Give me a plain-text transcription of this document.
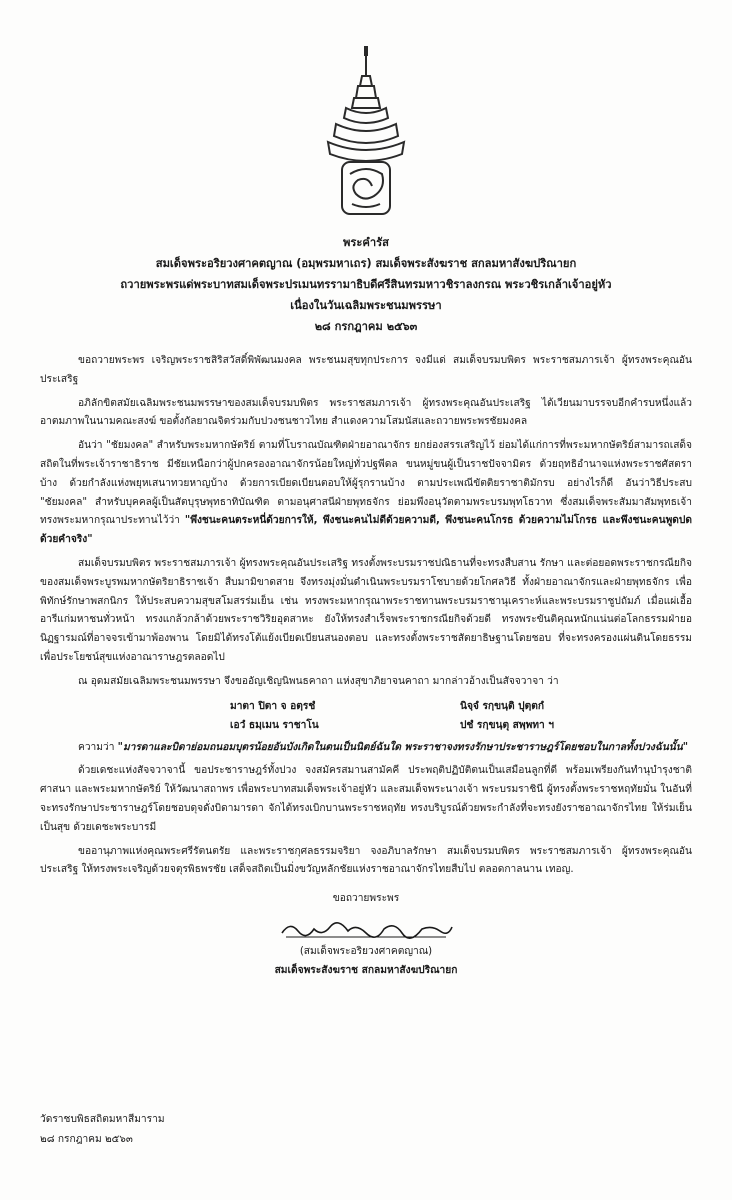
พระคำรัส
สมเด็จพระอริยวงศาคตญาณ (อมฺพรมหาเถร) สมเด็จพระสังฆราช สกลมหาสังฆปริณายก
ถวายพระพรแด่พระบาทสมเด็จพระปรเมนทรรามาธิบดีศรีสินทรมหาวชิราลงกรณ พระวชิรเกล้าเจ้าอยู่หัว
เนื่องในวันเฉลิมพระชนมพรรษา
๒๘ กรกฎาคม ๒๕๖๓

ขอถวายพระพร เจริญพระราชสิริสวัสดิ์พิพัฒนมงคล พระชนมสุขทุกประการ จงมีแด่ สมเด็จบรมบพิตร พระราชสมภารเจ้า ผู้ทรงพระคุณอันประเสริฐ

อภิลักขิตสมัยเฉลิมพระชนมพรรษาของสมเด็จบรมบพิตร พระราชสมภารเจ้า ผู้ทรงพระคุณอันประเสริฐ ได้เวียนมาบรรจบอีกคำรบหนึ่งแล้ว อาตมภาพในนามคณะสงฆ์ ขอตั้งกัลยาณจิตร่วมกับปวงชนชาวไทย สำแดงความโสมนัสและถวายพระพรชัยมงคล

อันว่า "ชัยมงคล" สำหรับพระมหากษัตริย์ ตามที่โบราณบัณฑิตฝ่ายอาณาจักร ยกย่องสรรเสริญไว้ ย่อมได้แก่การที่พระมหากษัตริย์สามารถเสด็จสถิตในที่พระเจ้าราชาธิราช มีชัยเหนือกว่าผู้ปกครองอาณาจักรน้อยใหญ่ทั่วปฐพีดล ขนหมู่ขนผู้เป็นราชปัจจามิตร ด้วยฤทธิอำนาจแห่งพระราชศัสตราบ้าง ด้วยกำลังแห่งพยุหเสนาทวยหาญบ้าง ด้วยการเบียดเบียนตอบให้ผู้รุกรานบ้าง ตามประเพณีขัตติยราชาติมักรบ อย่างไรก็ดี อันว่าวิธีประสบ "ชัยมงคล" สำหรับบุคคลผู้เป็นสัตบุรุษพุทธาทิบัณฑิต ตามอนุศาสนีฝ่ายพุทธจักร ย่อมพึงอนุวัตตามพระบรมพุทโธวาท ซึ่งสมเด็จพระสัมมาสัมพุทธเจ้า ทรงพระมหากรุณาประทานไว้ว่า "พึงชนะคนตระหนี่ด้วยการให้, พึงชนะคนไม่ดีด้วยความดี, พึงชนะคนโกรธ ด้วยความไม่โกรธ และพึงชนะคนพูดปด ด้วยคำจริง"

สมเด็จบรมบพิตร พระราชสมภารเจ้า ผู้ทรงพระคุณอันประเสริฐ ทรงตั้งพระบรมราชปณิธานที่จะทรงสืบสาน รักษา และต่อยอดพระราชกรณียกิจของสมเด็จพระบูรพมหากษัตริยาธิราชเจ้า สืบมามิขาดสาย จึงทรงมุ่งมั่นดำเนินพระบรมราโชบายด้วยโกศลวิธี ทั้งฝ่ายอาณาจักรและฝ่ายพุทธจักร เพื่อพิทักษ์รักษาพสกนิกร ให้ประสบความสุขสโมสรร่มเย็น เช่น ทรงพระมหากรุณาพระราชทานพระบรมราชานุเคราะห์และพระบรมราชูปถัมภ์ เมื่อแผ่เอื้ออารีแก่มหาชนทั่วหน้า ทรงแกล้วกล้าด้วยพระราชวิริยอุตสาหะ ยังให้ทรงสำเร็จพระราชกรณียกิจด้วยดี ทรงพระขันติคุณหนักแน่นต่อโลกธรรมฝ่ายอนิฏฐารมณ์ที่อาจจรเข้ามาพ้องพาน โดยมิได้ทรงโต้แย้งเบียดเบียนสนองตอบ และทรงตั้งพระราชสัตยาธิษฐานโดยชอบ ที่จะทรงครองแผ่นดินโดยธรรม เพื่อประโยชน์สุขแห่งอาณาราษฎรตลอดไป

ณ อุดมสมัยเฉลิมพระชนมพรรษา จึงขออัญเชิญนิพนธคาถา แห่งสุขาภิยาจนคาถา มากล่าวอ้างเป็นสัจจวาจา ว่า

มาตา ปิตา จ อตฺรชํ	นิจฺจํ รกฺขนฺติ ปุตฺตกํ
เอวํ ธมฺเมน ราชาโน	ปชํ รกฺขนฺตุ สพฺพทา ฯ

ความว่า "มารดาและบิดาย่อมถนอมบุตรน้อยอันบังเกิดในตนเป็นนิตย์ฉันใด พระราชาจงทรงรักษาประชาราษฎร์โดยชอบในกาลทั้งปวงฉันนั้น"

ด้วยเดชะแห่งสัจจวาจานี้ ขอประชาราษฎร์ทั้งปวง จงสมัครสมานสามัคคี ประพฤติปฏิบัติตนเป็นเสมือนลูกที่ดี พร้อมเพรียงกันทำนุบำรุงชาติ ศาสนา และพระมหากษัตริย์ ให้วัฒนาสถาพร เพื่อพระบาทสมเด็จพระเจ้าอยู่หัว และสมเด็จพระนางเจ้า พระบรมราชินี ผู้ทรงตั้งพระราชหฤทัยมั่น ในอันที่จะทรงรักษาประชาราษฎร์โดยชอบดุจดั่งบิดามารดา จักได้ทรงเบิกบานพระราชหฤทัย ทรงบริบูรณ์ด้วยพระกำลังที่จะทรงยังราชอาณาจักรไทย ให้ร่มเย็นเป็นสุข ด้วยเดชะพระบารมี

ขออานุภาพแห่งคุณพระศรีรัตนตรัย และพระราชกุศลธรรมจริยา จงอภิบาลรักษา สมเด็จบรมบพิตร พระราชสมภารเจ้า ผู้ทรงพระคุณอันประเสริฐ ให้ทรงพระเจริญด้วยจตุรพิธพรชัย เสด็จสถิตเป็นมิ่งขวัญหลักชัยแห่งราชอาณาจักรไทยสืบไป ตลอดกาลนาน เทอญ.

ขอถวายพระพร
(สมเด็จพระอริยวงศาคตญาณ)
สมเด็จพระสังฆราช สกลมหาสังฆปริณายก
วัดราชบพิธสถิตมหาสีมาราม
๒๘ กรกฎาคม ๒๕๖๓
